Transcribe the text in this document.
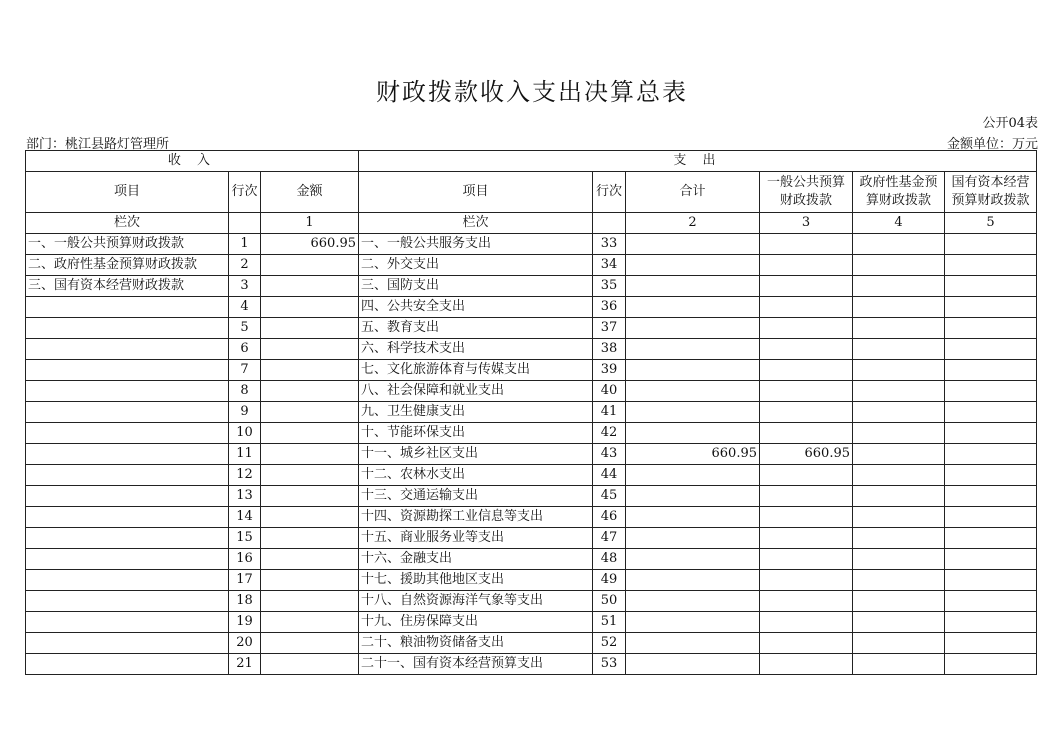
财政拨款收入支出决算总表
公开04表
部门：桃江县路灯管理所	金额单位：万元
收 入			支 出					
项目	行次	金额	项目	行次	合计	一般公共预算财政拨款	政府性基金预算财政拨款	国有资本经营预算财政拨款
栏次		1	栏次		2	3	4	5
一、一般公共预算财政拨款	1	660.95	一、一般公共服务支出	33				
二、政府性基金预算财政拨款	2		二、外交支出	34				
三、国有资本经营财政拨款	3		三、国防支出	35				
	4		四、公共安全支出	36				
	5		五、教育支出	37				
	6		六、科学技术支出	38				
	7		七、文化旅游体育与传媒支出	39				
	8		八、社会保障和就业支出	40				
	9		九、卫生健康支出	41				
	10		十、节能环保支出	42				
	11		十一、城乡社区支出	43	660.95	660.95		
	12		十二、农林水支出	44				
	13		十三、交通运输支出	45				
	14		十四、资源勘探工业信息等支出	46				
	15		十五、商业服务业等支出	47				
	16		十六、金融支出	48				
	17		十七、援助其他地区支出	49				
	18		十八、自然资源海洋气象等支出	50				
	19		十九、住房保障支出	51				
	20		二十、粮油物资储备支出	52				
	21		二十一、国有资本经营预算支出	53				
